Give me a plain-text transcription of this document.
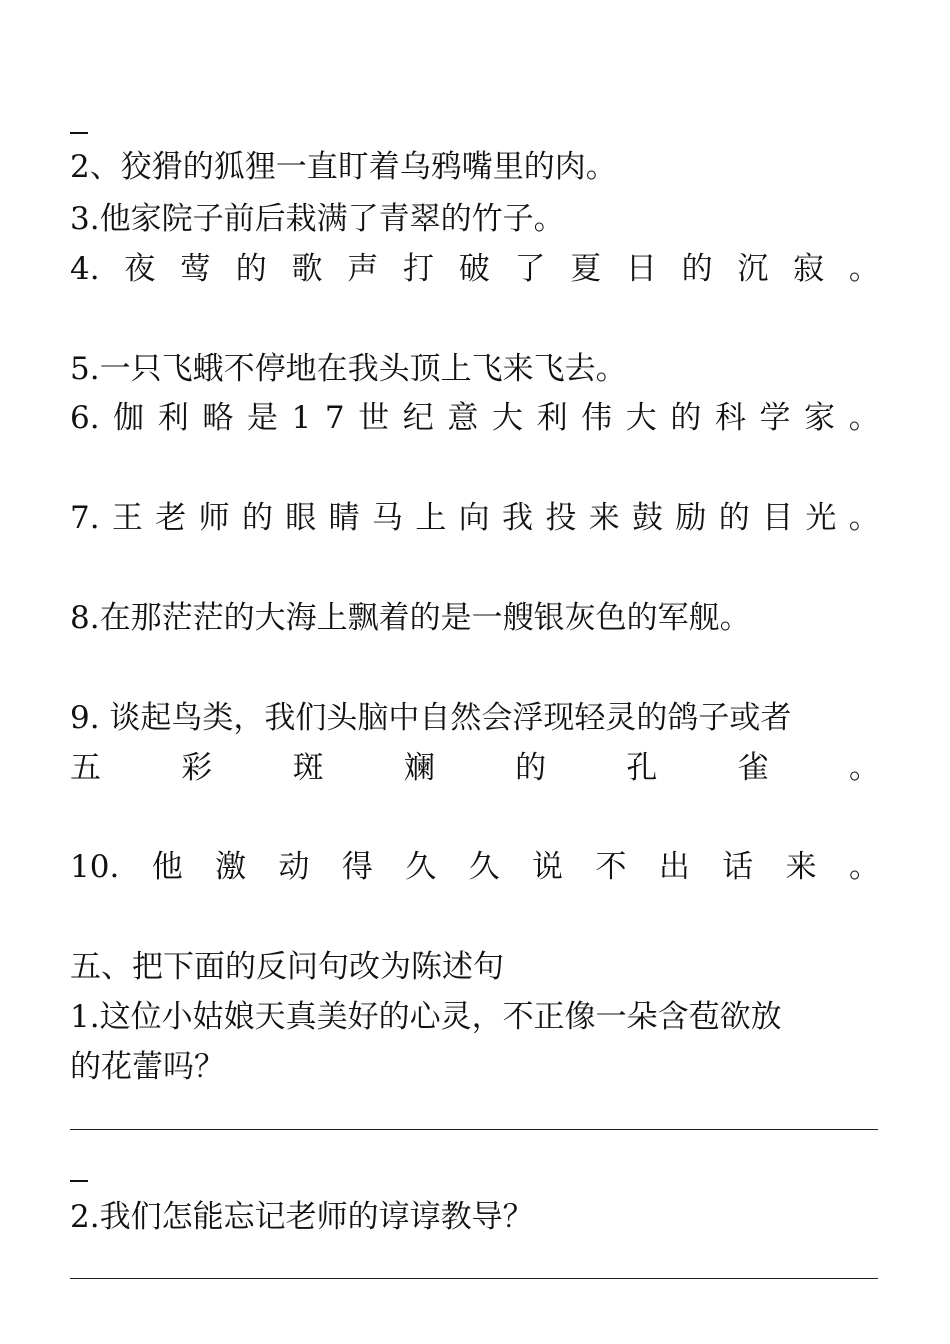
2、狡猾的狐狸一直盯着乌鸦嘴里的肉。
3.他家院子前后栽满了青翠的竹子。
4. 夜 莺 的 歌 声 打 破 了 夏 日 的 沉 寂 。
5.一只飞蛾不停地在我头顶上飞来飞去。
6. 伽 利 略 是 1 7 世 纪 意 大 利 伟 大 的 科 学 家 。
7. 王 老 师 的 眼 睛 马 上 向 我 投 来 鼓 励 的 目 光 。
8.在那茫茫的大海上飘着的是一艘银灰色的军舰。
9. 谈起鸟类，我们头脑中自然会浮现轻灵的鸽子或者
五	彩	斑	斓	的	孔	雀	。
10. 他 激 动 得 久 久 说 不 出 话 来 。
五、把下面的反问句改为陈述句
1.这位小姑娘天真美好的心灵，不正像一朵含苞欲放
的花蕾吗？
2.我们怎能忘记老师的谆谆教导？
